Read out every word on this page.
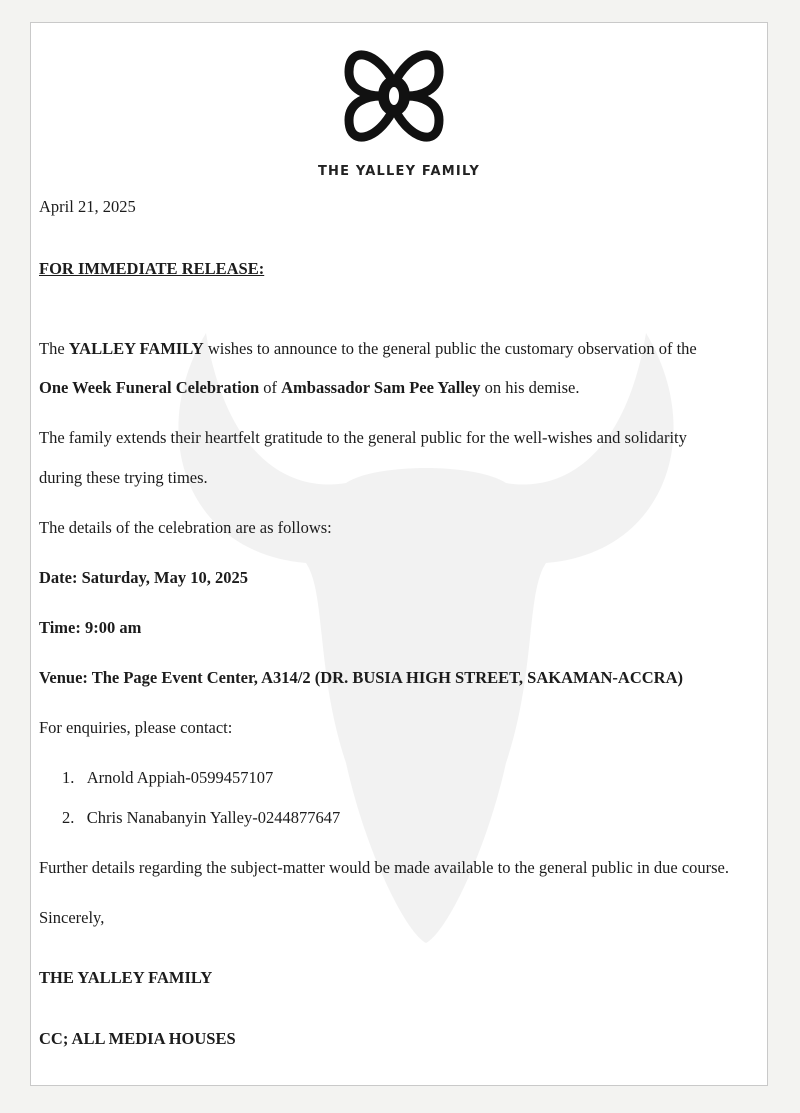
THE YALLEY FAMILY
April 21, 2025
FOR IMMEDIATE RELEASE:
The YALLEY FAMILY wishes to announce to the general public the customary observation of the
One Week Funeral Celebration of Ambassador Sam Pee Yalley on his demise.
The family extends their heartfelt gratitude to the general public for the well-wishes and solidarity
during these trying times.
The details of the celebration are as follows:
Date: Saturday, May 10, 2025
Time: 9:00 am
Venue: The Page Event Center, A314/2 (DR. BUSIA HIGH STREET, SAKAMAN-ACCRA)
For enquiries, please contact:
1. Arnold Appiah-0599457107
2. Chris Nanabanyin Yalley-0244877647
Further details regarding the subject-matter would be made available to the general public in due course.
Sincerely,
THE YALLEY FAMILY
CC; ALL MEDIA HOUSES
